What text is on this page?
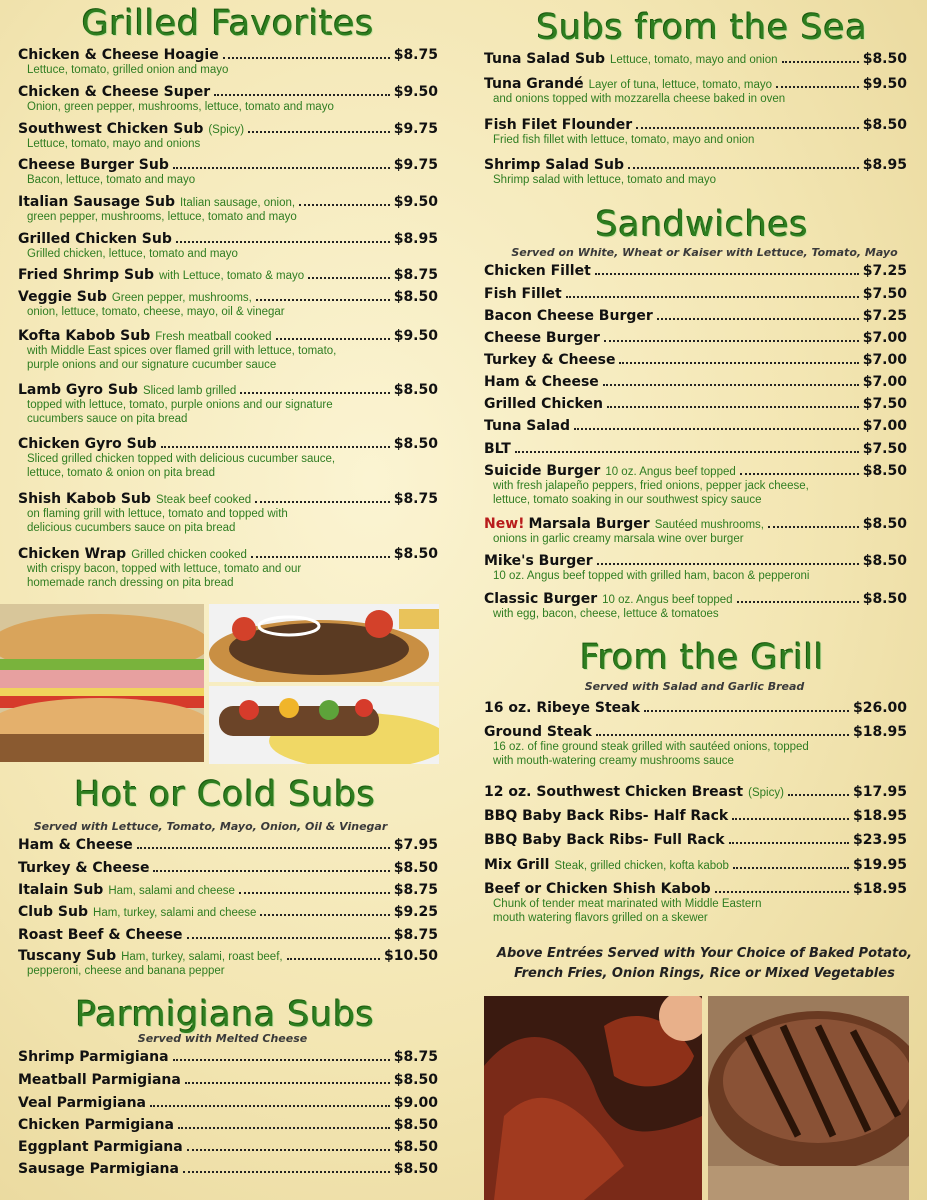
Grilled Favorites
Chicken & Cheese Hoagie	$8.75
Lettuce, tomato, grilled onion and mayo
Chicken & Cheese Super	$9.50
Onion, green pepper, mushrooms, lettuce, tomato and mayo
Southwest Chicken Sub (Spicy)	$9.75
Lettuce, tomato, mayo and onions
Cheese Burger Sub	$9.75
Bacon, lettuce, tomato and mayo
Italian Sausage Sub Italian sausage, onion,	$9.50
green pepper, mushrooms, lettuce, tomato and mayo
Grilled Chicken Sub	$8.95
Grilled chicken, lettuce, tomato and mayo
Fried Shrimp Sub with Lettuce, tomato & mayo	$8.75
Veggie Sub Green pepper, mushrooms,	$8.50
onion, lettuce, tomato, cheese, mayo, oil & vinegar
Kofta Kabob Sub Fresh meatball cooked	$9.50
with Middle East spices over flamed grill with lettuce, tomato,
purple onions and our signature cucumber sauce
Lamb Gyro Sub Sliced lamb grilled	$8.50
topped with lettuce, tomato, purple onions and our signature
cucumbers sauce on pita bread
Chicken Gyro Sub	$8.50
Sliced grilled chicken topped with delicious cucumber sauce,
lettuce, tomato & onion on pita bread
Shish Kabob Sub Steak beef cooked	$8.75
on flaming grill with lettuce, tomato and topped with
delicious cucumbers sauce on pita bread
Chicken Wrap Grilled chicken cooked	$8.50
with crispy bacon, topped with lettuce, tomato and our
homemade ranch dressing on pita bread
Hot or Cold Subs
Served with Lettuce, Tomato, Mayo, Onion, Oil & Vinegar
Ham & Cheese	$7.95
Turkey & Cheese	$8.50
Italain Sub Ham, salami and cheese	$8.75
Club Sub Ham, turkey, salami and cheese	$9.25
Roast Beef & Cheese	$8.75
Tuscany Sub Ham, turkey, salami, roast beef,	$10.50
pepperoni, cheese and banana pepper
Parmigiana Subs
Served with Melted Cheese
Shrimp Parmigiana	$8.75
Meatball Parmigiana	$8.50
Veal Parmigiana	$9.00
Chicken Parmigiana	$8.50
Eggplant Parmigiana	$8.50
Sausage Parmigiana	$8.50
Subs from the Sea
Tuna Salad Sub Lettuce, tomato, mayo and onion	$8.50
Tuna Grandé Layer of tuna, lettuce, tomato, mayo	$9.50
and onions topped with mozzarella cheese baked in oven
Fish Filet Flounder	$8.50
Fried fish fillet with lettuce, tomato, mayo and onion
Shrimp Salad Sub	$8.95
Shrimp salad with lettuce, tomato and mayo
Sandwiches
Served on White, Wheat or Kaiser with Lettuce, Tomato, Mayo
Chicken Fillet	$7.25
Fish Fillet	$7.50
Bacon Cheese Burger	$7.25
Cheese Burger	$7.00
Turkey & Cheese	$7.00
Ham & Cheese	$7.00
Grilled Chicken	$7.50
Tuna Salad	$7.00
BLT	$7.50
Suicide Burger 10 oz. Angus beef topped	$8.50
with fresh jalapeño peppers, fried onions, pepper jack cheese,
lettuce, tomato soaking in our southwest spicy sauce
New! Marsala Burger Sautéed mushrooms,	$8.50
onions in garlic creamy marsala wine over burger
Mike's Burger	$8.50
10 oz. Angus beef topped with grilled ham, bacon & pepperoni
Classic Burger 10 oz. Angus beef topped	$8.50
with egg, bacon, cheese, lettuce & tomatoes
From the Grill
Served with Salad and Garlic Bread
16 oz. Ribeye Steak	$26.00
Ground Steak	$18.95
16 oz. of fine ground steak grilled with sautéed onions, topped
with mouth-watering creamy mushrooms sauce
12 oz. Southwest Chicken Breast (Spicy)	$17.95
BBQ Baby Back Ribs- Half Rack	$18.95
BBQ Baby Back Ribs- Full Rack	$23.95
Mix Grill Steak, grilled chicken, kofta kabob	$19.95
Beef or Chicken Shish Kabob	$18.95
Chunk of tender meat marinated with Middle Eastern
mouth watering flavors grilled on a skewer
Above Entrées Served with Your Choice of Baked Potato,
French Fries, Onion Rings, Rice or Mixed Vegetables
